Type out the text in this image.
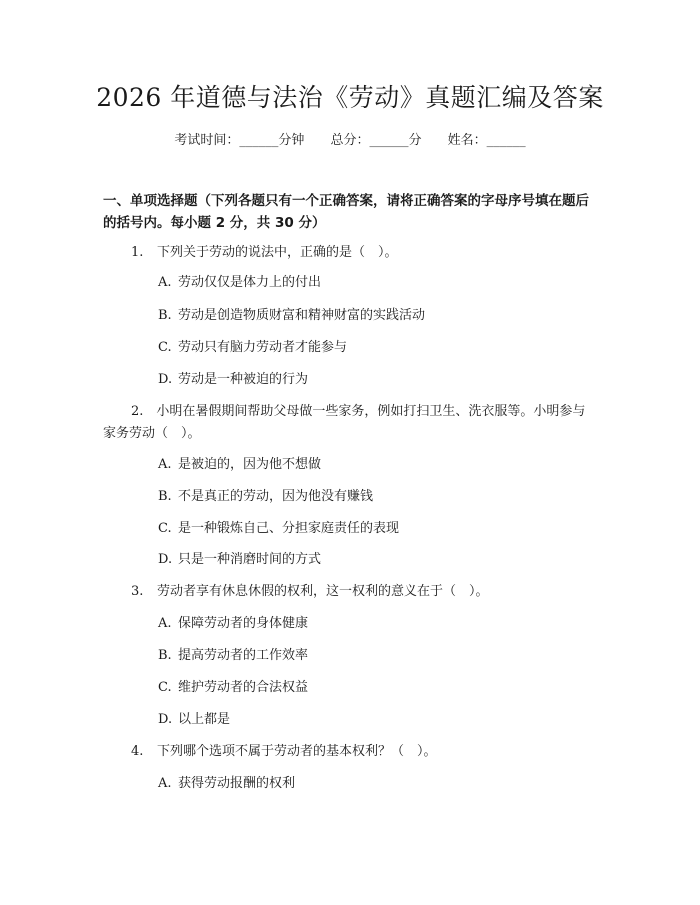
2026 年道德与法治《劳动》真题汇编及答案
考试时间：______分钟 总分：______分 姓名：______
一、单项选择题（下列各题只有一个正确答案，请将正确答案的字母序号填在题后的括号内。每小题 2 分，共 30 分）
1. 下列关于劳动的说法中，正确的是（　）。
A. 劳动仅仅是体力上的付出
B. 劳动是创造物质财富和精神财富的实践活动
C. 劳动只有脑力劳动者才能参与
D. 劳动是一种被迫的行为
2.　 小明在暑假期间帮助父母做一些家务，例如打扫卫生、洗衣服等。小明参与家务劳动（　）。
A. 是被迫的，因为他不想做
B. 不是真正的劳动，因为他没有赚钱
C. 是一种锻炼自己、分担家庭责任的表现
D. 只是一种消磨时间的方式
3. 劳动者享有休息休假的权利，这一权利的意义在于（　）。
A. 保障劳动者的身体健康
B. 提高劳动者的工作效率
C. 维护劳动者的合法权益
D. 以上都是
4. 下列哪个选项不属于劳动者的基本权利？（　）。
A. 获得劳动报酬的权利
